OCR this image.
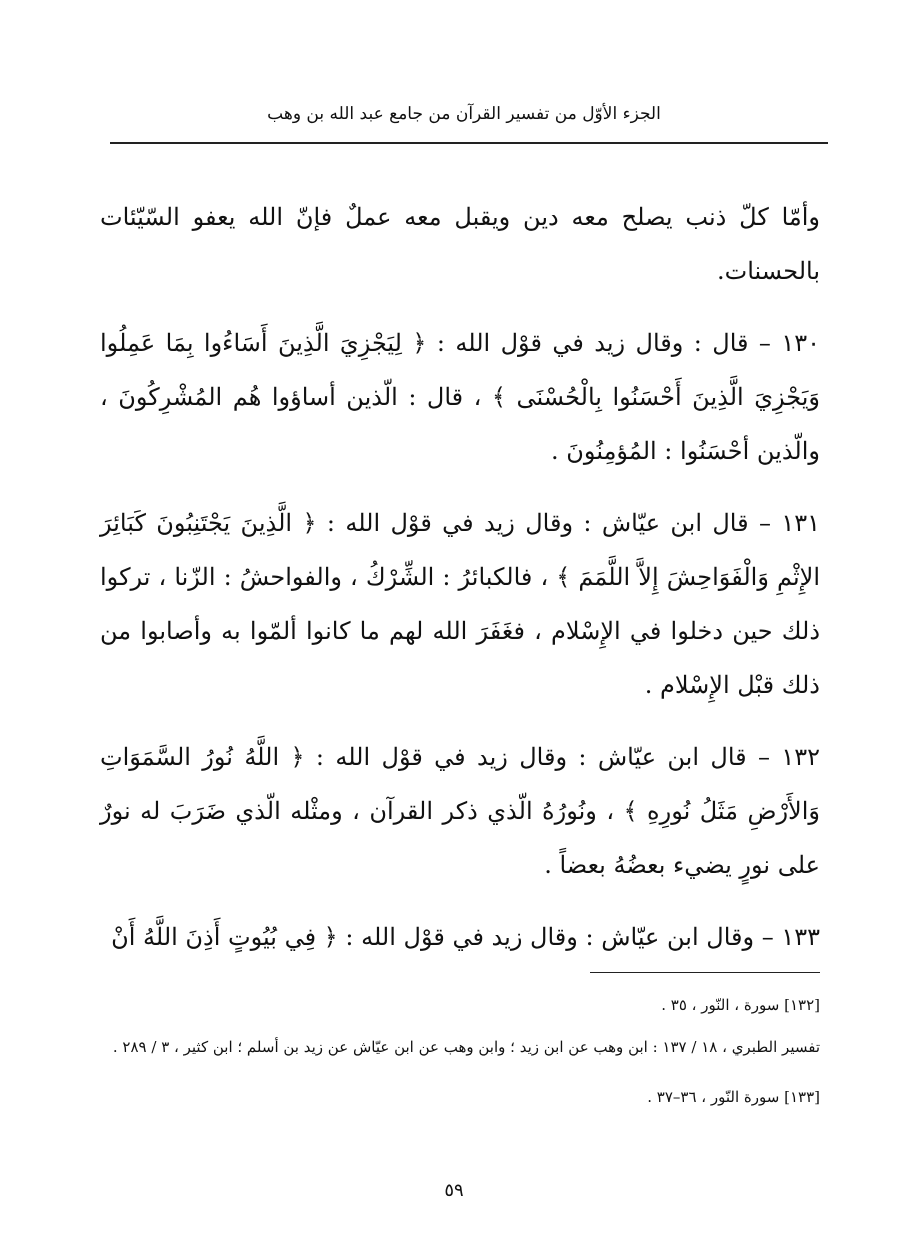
الجزء الأوّل من تفسير القرآن من جامع عبد الله بن وهب

وأمّا كلّ ذنب يصلح معه دين ويقبل معه عملٌ فإنّ الله يعفو السّيّئات بالحسنات.

١٣٠ – قال : وقال زيد في قوْل الله : ﴿ لِيَجْزِيَ الَّذِينَ أَسَاءُوا بِمَا عَمِلُوا وَيَجْزِيَ الَّذِينَ أَحْسَنُوا بِالْحُسْنَى ﴾ ، قال : الّذين أساؤوا هُم المُشْرِكُونَ ، والّذين أحْسَنُوا : المُؤمِنُونَ .

١٣١ – قال ابن عيّاش : وقال زيد في قوْل الله : ﴿ الَّذِينَ يَجْتَنِبُونَ كَبَائِرَ الإِثْمِ وَالْفَوَاحِشَ إِلاَّ اللَّمَمَ ﴾ ، فالكبائرُ : الشِّرْكُ ، والفواحشُ : الزّنا ، تركوا ذلك حين دخلوا في الإِسْلام ، فغَفَرَ الله لهم ما كانوا ألمّوا به وأصابوا من ذلك قبْل الإِسْلام .

١٣٢ – قال ابن عيّاش : وقال زيد في قوْل الله : ﴿ اللَّهُ نُورُ السَّمَوَاتِ وَالأَرْضِ مَثَلُ نُورِهِ ﴾ ، ونُورُهُ الّذي ذكر القرآن ، ومثْله الّذي ضَرَبَ له نورٌ على نورٍ يضيء بعضُهُ بعضاً .

١٣٣ – وقال ابن عيّاش : وقال زيد في قوْل الله : ﴿ فِي بُيُوتٍ أَذِنَ اللَّهُ أَنْ

[١٣٢] سورة ، النّور ، ٣٥ .

تفسير الطبري ، ١٨ / ١٣٧ : ابن وهب عن ابن زيد ؛ وابن وهب عن ابن عيّاش عن زيد بن أسلم ؛ ابن كثير ، ٣ / ٢٨٩ .

[١٣٣] سورة النّور ، ٣٦–٣٧ .

٥٩
